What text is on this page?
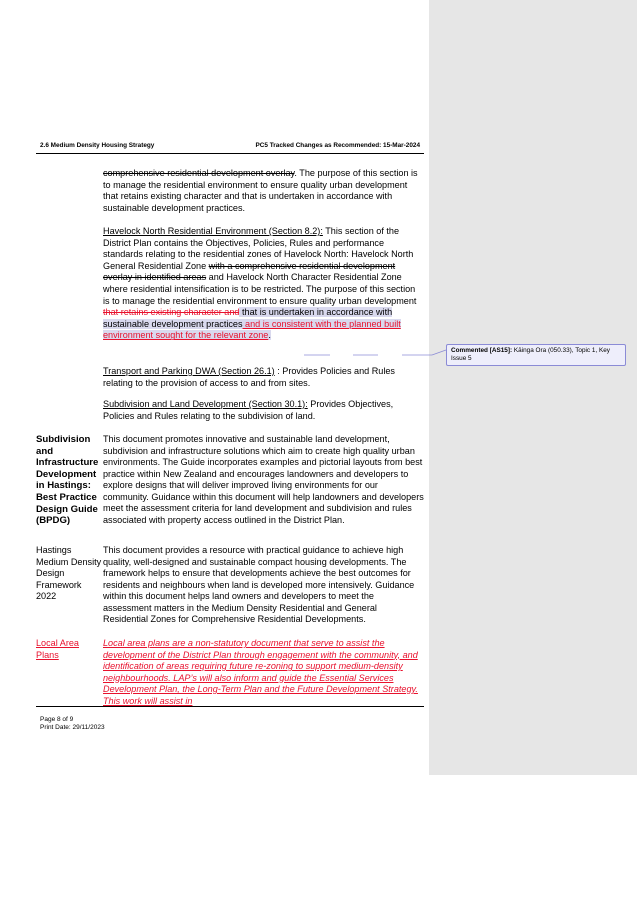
2.6 Medium Density Housing Strategy	PC5 Tracked Changes as Recommended: 15-Mar-2024

comprehensive residential development overlay. The purpose of this section is to manage the residential environment to ensure quality urban development that retains existing character and that is undertaken in accordance with sustainable development practices.

Havelock North Residential Environment (Section 8.2): This section of the District Plan contains the Objectives, Policies, Rules and performance standards relating to the residential zones of Havelock North: Havelock North General Residential Zone with a comprehensive residential development overlay in identified areas and Havelock North Character Residential Zone where residential intensification is to be restricted. The purpose of this section is to manage the residential environment to ensure quality urban development that retains existing character and that is undertaken in accordance with sustainable development practices and is consistent with the planned built environment sought for the relevant zone.

Transport and Parking DWA (Section 26.1) : Provides Policies and Rules relating to the provision of access to and from sites.

Subdivision and Land Development (Section 30.1): Provides Objectives, Policies and Rules relating to the subdivision of land.

Subdivision and Infrastructure Development in Hastings: Best Practice Design Guide (BPDG)
This document promotes innovative and sustainable land development, subdivision and infrastructure solutions which aim to create high quality urban environments. The Guide incorporates examples and pictorial layouts from best practice within New Zealand and encourages landowners and developers to explore designs that will deliver improved living environments for our community. Guidance within this document will help landowners and developers meet the assessment criteria for land development and subdivision and rules associated with property access outlined in the District Plan.
Hastings Medium Density Design Framework 2022
This document provides a resource with practical guidance to achieve high quality, well-designed and sustainable compact housing developments. The framework helps to ensure that developments achieve the best outcomes for residents and neighbours when land is developed more intensively. Guidance within this document helps land owners and developers to meet the assessment matters in the Medium Density Residential and General Residential Zones for Comprehensive Residential Developments.
Local Area Plans
Local area plans are a non-statutory document that serve to assist the development of the District Plan through engagement with the community, and identification of areas requiring future re-zoning to support medium-density neighbourhoods. LAP’s will also inform and guide the Essential Services Development Plan, the Long-Term Plan and the Future Development Strategy. This work will assist in
Page 8 of 9
Print Date: 29/11/2023
Commented [AS15]: Kāinga Ora (050.33), Topic 1, Key Issue 5
